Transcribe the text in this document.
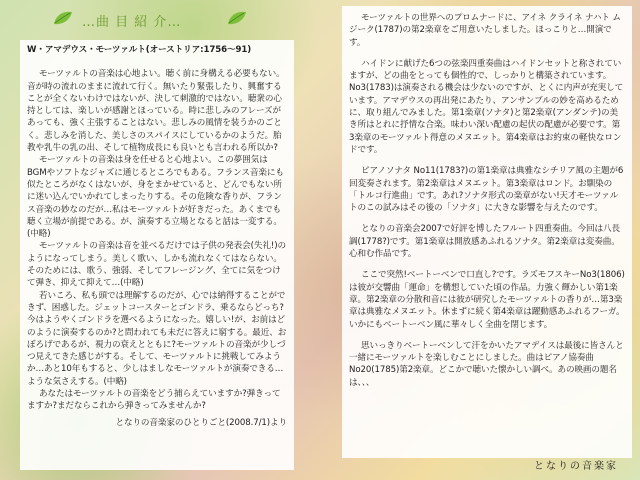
…曲 目 紹 介…

W・アマデウス・モーツァルト(オーストリア:1756～91)

モーツァルトの音楽は心地よい。聴く前に身構える必要もない。音が時の流れのままに流れて行く。無いたり緊張したり、興奮することが全くないわけではないが、決して刺激的ではない。聴衆の心持としては、楽しいが感謝とほっている。時に悲しみのフレーズがあっても、強く主張することはない。悲しみの風情を装うかのごとく。悲しみを消した、美しさのスパイスにしているかのようだ。胎教や乳牛の乳の出、そして植物成長にも良いとも言われる所以か?

モーツァルトの音楽は身を任せると心地よい。この夢囲気はBGMやソフトなジャズに通じるところでもある。フランス音楽にも似たところがなくはないが、身をまかせていると、どんでもない所に迷い込んでいかれてしまったりする。その危険な香りが、フランス音楽の妙なのだが…私はモーツァルトが好きだった。あくまでも聴く立場が前提である。が、演奏する立場となると話は一変する。(中略)

モーツァルトの音楽は音を並べるだけでは子供の発表会(失礼!)のようになってしまう。美しく歌い、しかも流れなくてはならない。そのためには、歌う、強弱、そしてフレージング、全てに気をつけて弾き、抑えて抑えて…(中略)

若いころ、私も頭では理解するのだが、心では納得することができず、困惑した。ジェットコースターとゴンドラ、乗るならどっち?今はようやくゴンドラを選べるようになった。嬉しい!が、お前はどのように演奏するのか?と問われても未だに答えに窮する。最近、おぼろげであるが、視力の衰えとともに?モーツァルトの音楽が少しづつ見えてきた感じがする。そして、モーツァルトに挑戦してみようか…あと10年もすると、少しはましなモーツァルトが演奏できる…ような気さえする。(中略)

あなたはモーツァルトの音楽をどう捕らえていますか?弾きってますか?まだならこれから弾きってみませんか?

となりの音楽家のひとりごと(2008.7/1)より

モーツァルトの世界へのプロムナードに、アイネ クライネ ナハト ムジーク(1787)の第2楽章をご用意いたしました。ほっこりと…開演です。

ハイドンに献げた6つの弦楽四重奏曲はハイドンセットと称されていますが、どの曲をとっても個性的で、しっかりと構築されています。No3(1783)は演奏される機会は少ないのですが、とくに内声が充実しています。アマデウスの再出発にあたり、アンサンブルの妙を高めるために、取り組んでみました。第1楽章(ソナタ)と第2楽章(アンダンテ)の美き所はとれに抒情な合楽。味わい深い配慮の起伏の配慮が必要です。第3楽章のモーツァルト得意のメヌエット。第4楽章はお約束の軽快なロンドです。

ピアノソナタ No11(1783?)の第1楽章は典雅なシチリア風の主題が6回変奏されます。第2楽章はメヌエット。第3楽章はロンド。お馴染の「トルコ行進曲」です。あれ?ソナタ形式の楽章がない!天才モーツァルトのこの試みはその後の「ソナタ」に大きな影響を与えたのです。

となりの音楽会2007で好評を博したフルート四重奏曲。今回は八長調(1778?)です。第1楽章は開放感あふれるソナタ。第2楽章は変奏曲。心和む作品です。

ここで突然!ベートーベンで口直し?です。ラズモフスキーNo3(1806)は彼が交響曲「運命」を構想していた頃の作品。力強く輝かしい第1楽章。第2楽章の分散和音には彼が研究したモーツァルトの香りが…第3楽章は典雅なメヌエット。休まずに続く第4楽章は躍動感あふれるフーガ。いかにもベートーベン風に華々しく全曲を閉じます。

思いっきりベートーベンして汗をかいたアマデイスは最後に皆さんと一緒にモーツァルトを楽しむことにしました。曲はピアノ協奏曲No20(1785)第2楽章。どこかで聴いた懐かしい調べ。あの映画の題名は、、、

となりの音楽家
